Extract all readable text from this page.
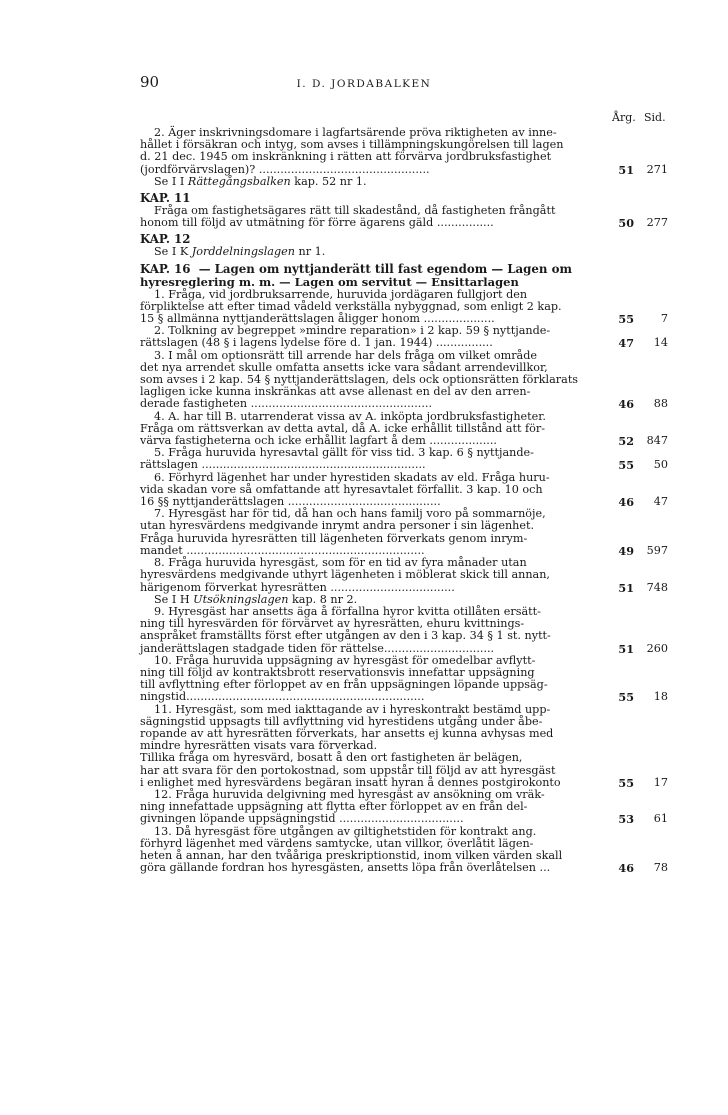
90	I. D. JORDABALKEN
Årg. Sid.
2. Äger inskrivningsdomare i lagfartsärende pröva riktigheten av inne-
hållet i försäkran och intyg, som avses i tillämpningskungörelsen till lagen
d. 21 dec. 1945 om inskränkning i rätten att förvärva jordbruksfastighet
(jordförvärvslagen)? ................................................	51	271
Se I I Rättegångsbalken kap. 52 nr 1.
KAP. 11
Fråga om fastighetsägares rätt till skadestånd, då fastigheten frångått
honom till följd av utmätning för förre ägarens gäld ................	50	277
KAP. 12
Se I K Jorddelningslagen nr 1.
KAP. 16 — Lagen om nyttjanderätt till fast egendom — Lagen om
hyresreglering m. m. — Lagen om servitut — Ensittarlagen
1. Fråga, vid jordbruksarrende, huruvida jordägaren fullgjort den
förpliktelse att efter timad vådeld verkställa nybyggnad, som enligt 2 kap.
15 § allmänna nyttjanderättslagen åligger honom ....................	55	7
2. Tolkning av begreppet »mindre reparation» i 2 kap. 59 § nyttjande-
rättslagen (48 § i lagens lydelse före d. 1 jan. 1944) ................	47	14
3. I mål om optionsrätt till arrende har dels fråga om vilket område
det nya arrendet skulle omfatta ansetts icke vara sådant arrendevillkor,
som avses i 2 kap. 54 § nyttjanderättslagen, dels ock optionsrätten förklarats
lagligen icke kunna inskränkas att avse allenast en del av den arren-
derade fastigheten ...................................................	46	88
4. A. har till B. utarrenderat vissa av A. inköpta jordbruksfastigheter.
Fråga om rättsverkan av detta avtal, då A. icke erhållit tillstånd att för-
värva fastigheterna och icke erhållit lagfart å dem ...................	52	847
5. Fråga huruvida hyresavtal gällt för viss tid. 3 kap. 6 § nyttjande-
rättslagen ...............................................................	55	50
6. Förhyrd lägenhet har under hyrestiden skadats av eld. Fråga huru-
vida skadan vore så omfattande att hyresavtalet förfallit. 3 kap. 10 och
16 §§ nyttjanderättslagen ...........................................	46	47
7. Hyresgäst har för tid, då han och hans familj voro på sommarnöje,
utan hyresvärdens medgivande inrymt andra personer i sin lägenhet.
Fråga huruvida hyresrätten till lägenheten förverkats genom inrym-
mandet ...................................................................	49	597
8. Fråga huruvida hyresgäst, som för en tid av fyra månader utan
hyresvärdens medgivande uthyrt lägenheten i möblerat skick till annan,
härigenom förverkat hyresrätten ...................................	51	748
Se I H Utsökningslagen kap. 8 nr 2.
9. Hyresgäst har ansetts äga å förfallna hyror kvitta otillåten ersätt-
ning till hyresvärden för förvärvet av hyresrätten, ehuru kvittnings-
anspråket framställts först efter utgången av den i 3 kap. 34 § 1 st. nytt-
janderättslagen stadgade tiden för rättelse...............................	51	260
10. Fråga huruvida uppsägning av hyresgäst för omedelbar avflytt-
ning till följd av kontraktsbrott reservationsvis innefattar uppsägning
till avflyttning efter förloppet av en från uppsägningen löpande uppsäg-
ningstid...................................................................	55	18
11. Hyresgäst, som med iakttagande av i hyreskontrakt bestämd upp-
sägningstid uppsagts till avflyttning vid hyrestidens utgång under åbe-
ropande av att hyresrätten förverkats, har ansetts ej kunna avhysas med
mindre hyresrätten visats vara förverkad.
Tillika fråga om hyresvärd, bosatt å den ort fastigheten är belägen,
har att svara för den portokostnad, som uppstår till följd av att hyresgäst
i enlighet med hyresvärdens begäran insatt hyran å dennes postgirokonto	55	17
12. Fråga huruvida delgivning med hyresgäst av ansökning om vräk-
ning innefattade uppsägning att flytta efter förloppet av en från del-
givningen löpande uppsägningstid ...................................	53	61
13. Då hyresgäst före utgången av giltighetstiden för kontrakt ang.
förhyrd lägenhet med värdens samtycke, utan villkor, överlåtit lägen-
heten å annan, har den tvååriga preskriptionstid, inom vilken värden skall
göra gällande fordran hos hyresgästen, ansetts löpa från överlåtelsen ...	46	78
